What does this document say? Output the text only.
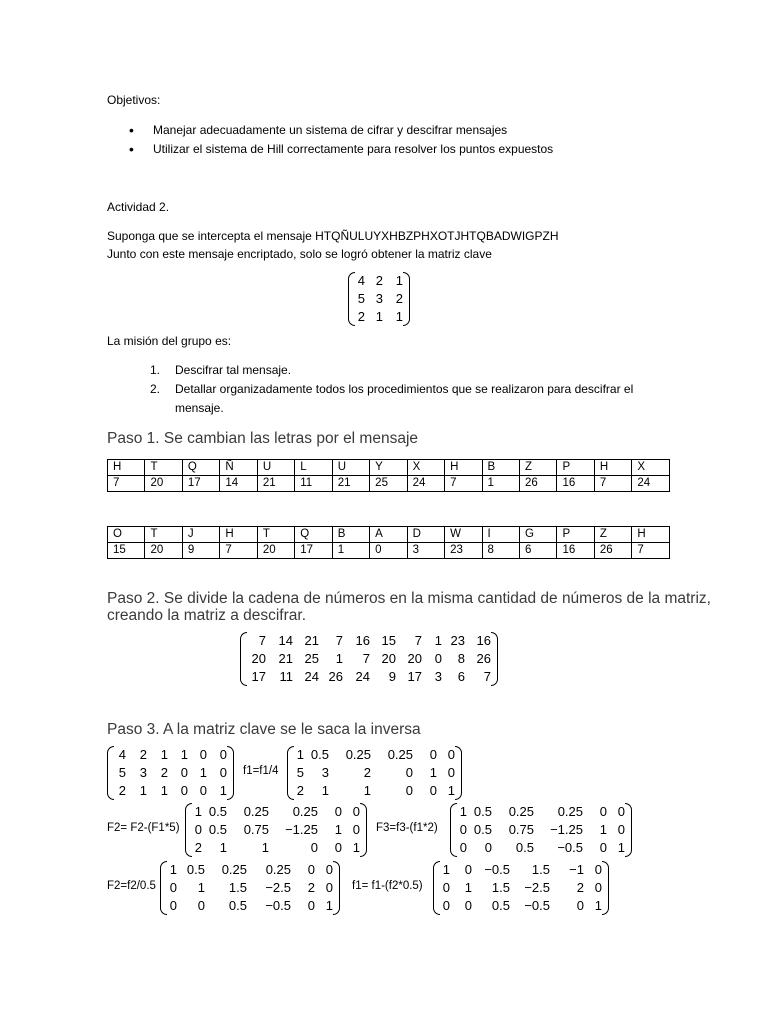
Objetivos:
• Manejar adecuadamente un sistema de cifrar y descifrar mensajes
• Utilizar el sistema de Hill correctamente para resolver los puntos expuestos
Actividad 2.
Suponga que se intercepta el mensaje HTQÑULUYXHBZPHXOTJHTQBADWIGPZH
Junto con este mensaje encriptado, solo se logró obtener la matriz clave
4	2	1
5	3	2
2	1	1
La misión del grupo es:
1. Descifrar tal mensaje.
2. Detallar organizadamente todos los procedimientos que se realizaron para descifrar el mensaje.
Paso 1. Se cambian las letras por el mensaje
H	T	Q	Ñ	U	L	U	Y	X	H	B	Z	P	H	X
7	20	17	14	21	11	21	25	24	7	1	26	16	7	24
O	T	J	H	T	Q	B	A	D	W	I	G	P	Z	H
15	20	9	7	20	17	1	0	3	23	8	6	16	26	7
Paso 2. Se divide la cadena de números en la misma cantidad de números de la matriz,
creando la matriz a descifrar.
7	14	21	7	16	15	7	1	23	16
20	21	25	1	7	20	20	0	8	26
17	11	24	26	24	9	17	3	6	7
Paso 3. A la matriz clave se le saca la inversa
4	2	1	1	0	0
5	3	2	0	1	0
2	1	1	0	0	1
f1=f1/4
1	0.5	0.25	0.25	0	0
5	3	2	0	1	0
2	1	1	0	0	1
F2= F2-(F1*5)
1	0.5	0.25	0.25	0	0
0	0.5	0.75	−1.25	1	0
2	1	1	0	0	1
F3=f3-(f1*2)
1	0.5	0.25	0.25	0	0
0	0.5	0.75	−1.25	1	0
0	0	0.5	−0.5	0	1
F2=f2/0.5
1	0.5	0.25	0.25	0	0
0	1	1.5	−2.5	2	0
0	0	0.5	−0.5	0	1
f1= f1-(f2*0.5)
1	0	−0.5	1.5	−1	0
0	1	1.5	−2.5	2	0
0	0	0.5	−0.5	0	1
